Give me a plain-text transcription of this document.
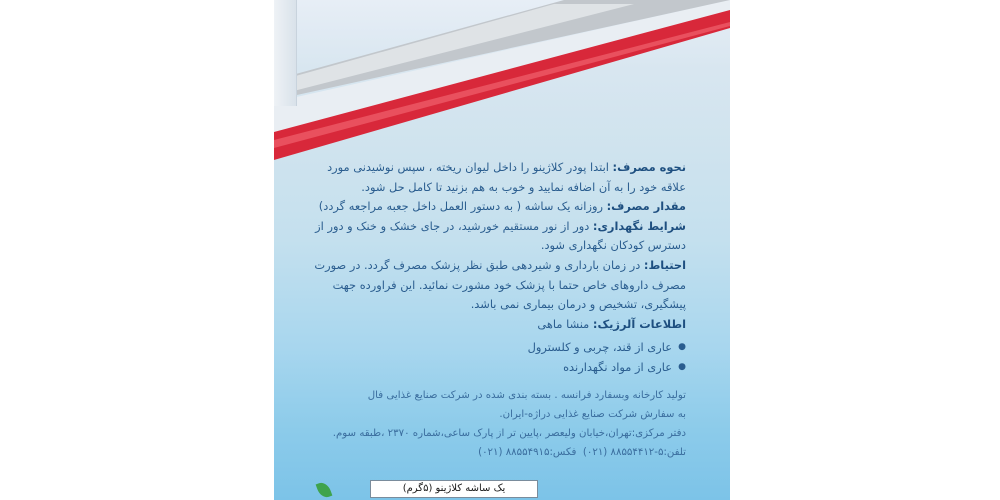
نحوه مصرف: ابتدا پودر کلاژینو را داخل لیوان ریخته ، سپس نوشیدنی مورد علاقه خود را به آن اضافه نمایید و خوب به هم بزنید تا کامل حل شود.

مقدار مصرف: روزانه یک ساشه ( به دستور العمل داخل جعبه مراجعه گردد)

شرایط نگهداری: دور از نور مستقیم خورشید، در جای خشک و خنک و دور از دسترس کودکان نگهداری شود.

احتیاط: در زمان بارداری و شیردهی طبق نظر پزشک مصرف گردد. در صورت مصرف داروهای خاص حتما با پزشک خود مشورت نمائید. این فراورده جهت پیشگیری، تشخیص و درمان بیماری نمی باشد.

اطلاعات آلرژیک: منشا ماهی

● عاری از قند، چربی و کلسترول
● عاری از مواد نگهدارنده

تولید کارخانه وبسفارد فرانسه . بسته بندی شده در شرکت صنایع غذایی فال

به سفارش شرکت صنایع غذایی دراژه-ایران.

دفتر مرکزی:تهران،خیابان ولیعصر ،پایین تر از پارک ساعی،شماره ۲۳۷۰ ،طبقه سوم.

تلفن:(۰۲۱) ۸۸۵۵۴۴۱۲-۵  فکس:(۰۲۱) ۸۸۵۵۴۹۱۵

یک ساشه کلاژینو (۵گرم)
